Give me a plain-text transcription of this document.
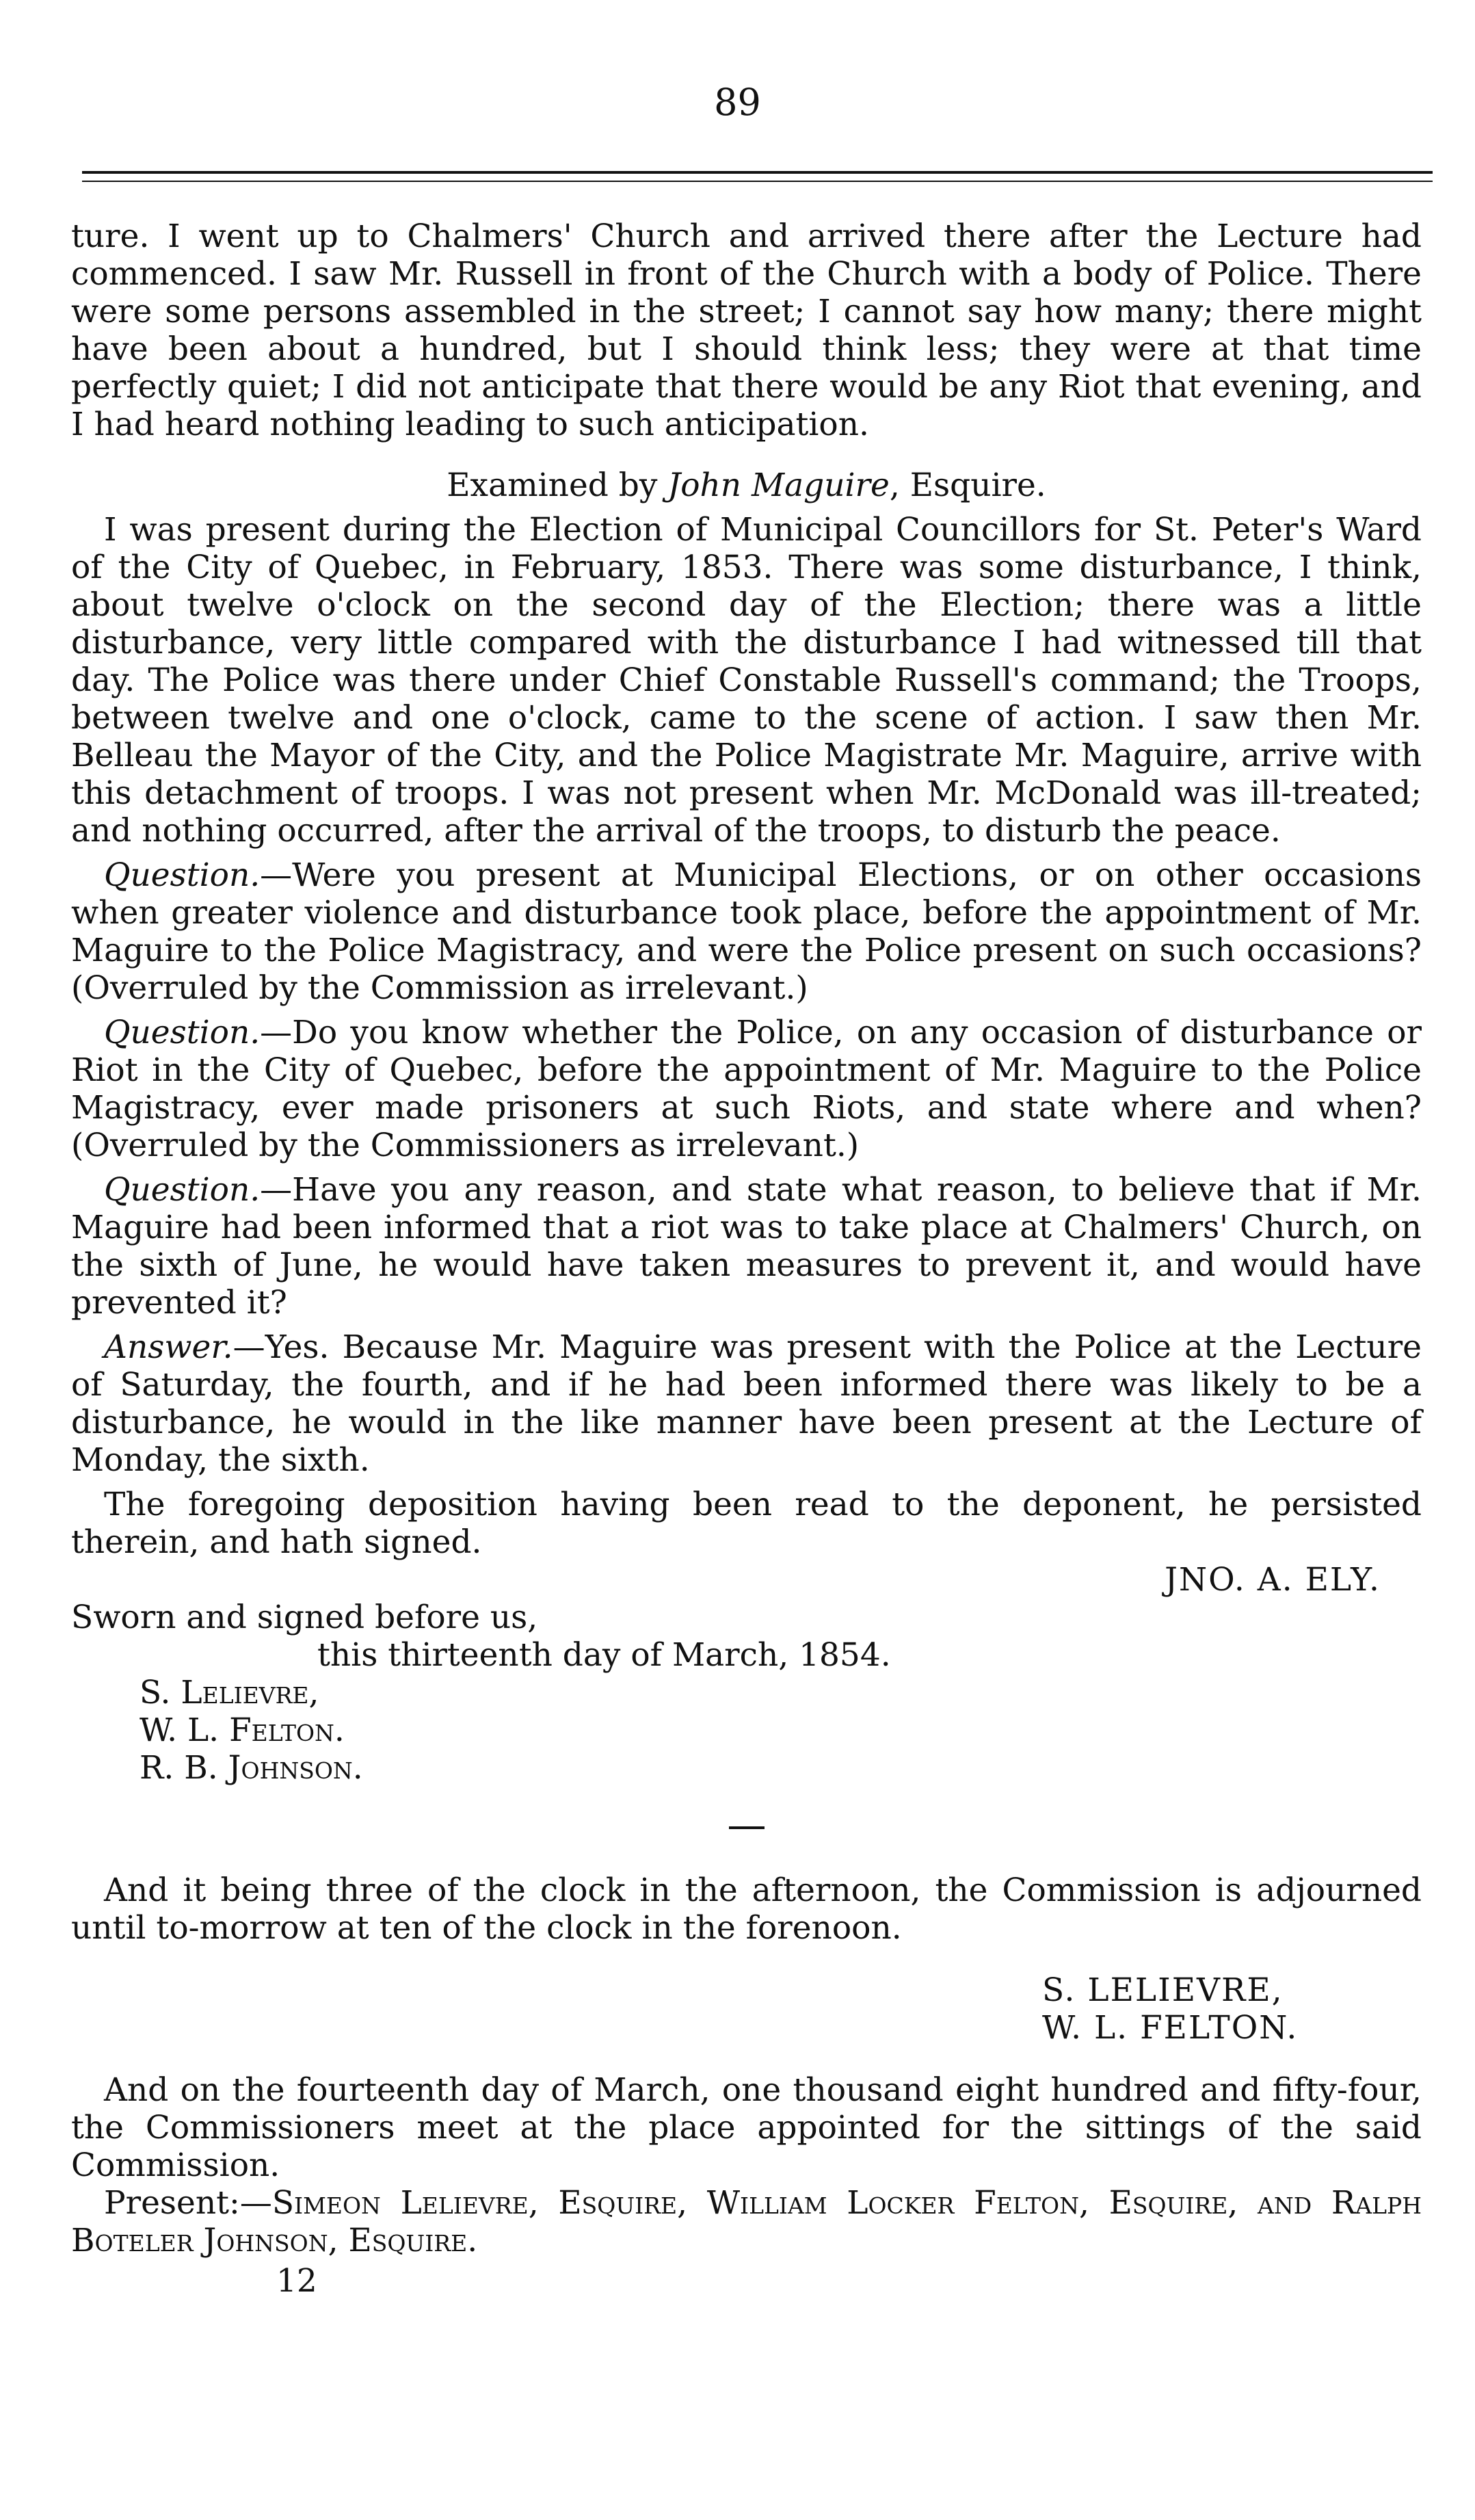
89

ture. I went up to Chalmers' Church and arrived there after the Lecture had commenced. I saw Mr. Russell in front of the Church with a body of Police. There were some persons assembled in the street; I cannot say how many; there might have been about a hundred, but I should think less; they were at that time perfectly quiet; I did not anticipate that there would be any Riot that evening, and I had heard nothing leading to such anticipation.

Examined by John Maguire, Esquire.

I was present during the Election of Municipal Councillors for St. Peter's Ward of the City of Quebec, in February, 1853. There was some disturbance, I think, about twelve o'clock on the second day of the Election; there was a little disturbance, very little compared with the disturbance I had witnessed till that day. The Police was there under Chief Constable Russell's command; the Troops, between twelve and one o'clock, came to the scene of action. I saw then Mr. Belleau the Mayor of the City, and the Police Magistrate Mr. Maguire, arrive with this detachment of troops. I was not present when Mr. McDonald was ill-treated; and nothing occurred, after the arrival of the troops, to disturb the peace.

Question.—Were you present at Municipal Elections, or on other occasions when greater violence and disturbance took place, before the appointment of Mr. Maguire to the Police Magistracy, and were the Police present on such occasions? (Overruled by the Commission as irrelevant.)

Question.—Do you know whether the Police, on any occasion of disturbance or Riot in the City of Quebec, before the appointment of Mr. Maguire to the Police Magistracy, ever made prisoners at such Riots, and state where and when? (Overruled by the Commissioners as irrelevant.)

Question.—Have you any reason, and state what reason, to believe that if Mr. Maguire had been informed that a riot was to take place at Chalmers' Church, on the sixth of June, he would have taken measures to prevent it, and would have prevented it?

Answer.—Yes. Because Mr. Maguire was present with the Police at the Lecture of Saturday, the fourth, and if he had been informed there was likely to be a disturbance, he would in the like manner have been present at the Lecture of Monday, the sixth.

The foregoing deposition having been read to the deponent, he persisted therein, and hath signed.

JNO. A. ELY.

Sworn and signed before us,

this thirteenth day of March, 1854.

S. Lelievre,

W. L. Felton.

R. B. Johnson.

And it being three of the clock in the afternoon, the Commission is adjourned until to-morrow at ten of the clock in the forenoon.

S. LELIEVRE,

W. L. FELTON.

And on the fourteenth day of March, one thousand eight hundred and fifty-four, the Commissioners meet at the place appointed for the sittings of the said Commission.

Present:—Simeon Lelievre, Esquire, William Locker Felton, Esquire, and Ralph Boteler Johnson, Esquire.

12
